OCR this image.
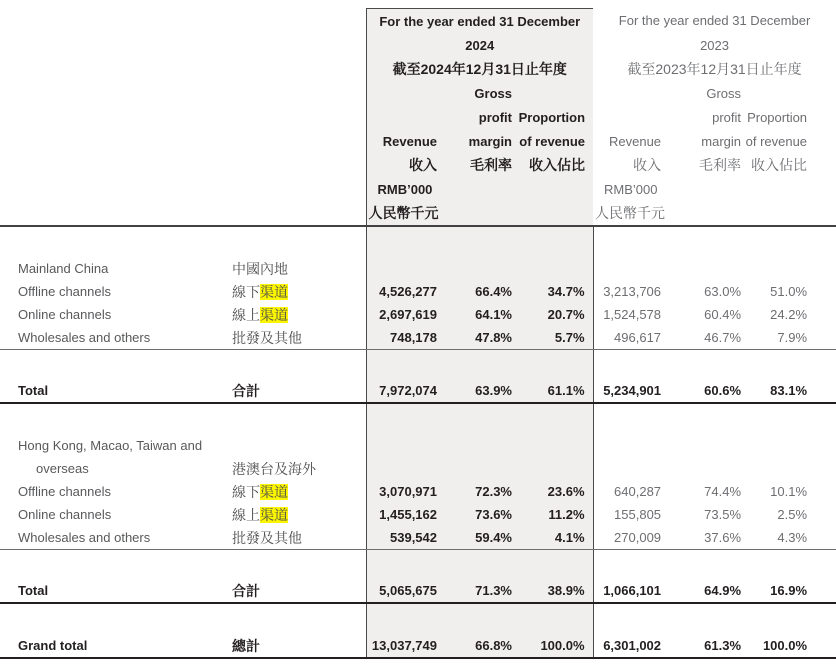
		For the year ended 31 December			For the year ended 31 December		
		2024			2023		
		截至2024年12月31日止年度			截至2023年12月31日止年度		
			Gross			Gross	
			profit	Proportion		profit	Proportion
		Revenue	margin	of revenue	Revenue	margin	of revenue
		收入	毛利率	收入佔比	收入	毛利率	收入佔比
		RMB’000			RMB’000		
		人民幣千元			人民幣千元		

Mainland China	中國內地						
Offline channels	線下渠道	4,526,277	66.4%	34.7%	3,213,706	63.0%	51.0%
Online channels	線上渠道	2,697,619	64.1%	20.7%	1,524,578	60.4%	24.2%
Wholesales and others	批發及其他	748,178	47.8%	5.7%	496,617	46.7%	7.9%

Total	合計	7,972,074	63.9%	61.1%	5,234,901	60.6%	83.1%

Hong Kong, Macao, Taiwan and							
overseas	港澳台及海外						
Offline channels	線下渠道	3,070,971	72.3%	23.6%	640,287	74.4%	10.1%
Online channels	線上渠道	1,455,162	73.6%	11.2%	155,805	73.5%	2.5%
Wholesales and others	批發及其他	539,542	59.4%	4.1%	270,009	37.6%	4.3%

Total	合計	5,065,675	71.3%	38.9%	1,066,101	64.9%	16.9%

Grand total	總計	13,037,749	66.8%	100.0%	6,301,002	61.3%	100.0%
